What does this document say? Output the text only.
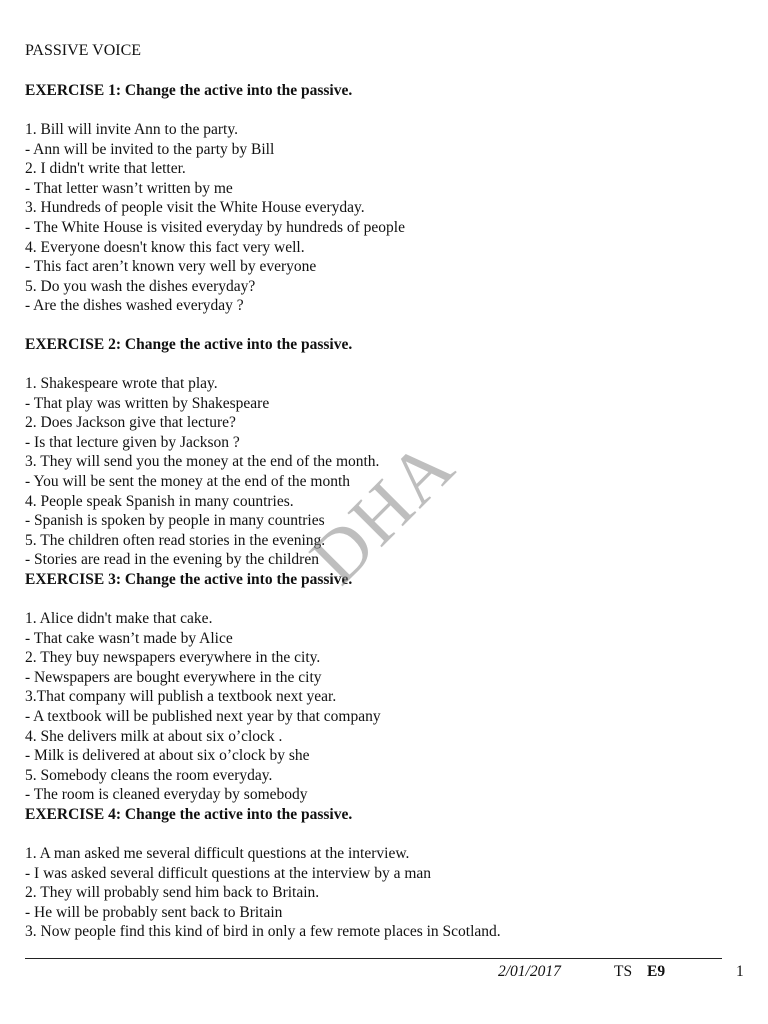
PASSIVE VOICE
EXERCISE 1: Change the active into the passive.
1. Bill will invite Ann to the party.
- Ann will be invited to the party by Bill
2. I didn't write that letter.
- That letter wasn’t written by me
3. Hundreds of people visit the White House everyday.
- The White House is visited everyday by hundreds of people
4. Everyone doesn't know this fact very well.
- This fact aren’t known very well by everyone
5. Do you wash the dishes everyday?
- Are the dishes washed everyday ?
EXERCISE 2: Change the active into the passive.
1. Shakespeare wrote that play.
- That play was written by Shakespeare
2. Does Jackson give that lecture?
- Is that lecture given by Jackson ?
3. They will send you the money at the end of the month.
- You will be sent the money at the end of the month
4. People speak Spanish in many countries.
- Spanish is spoken by people in many countries
5. The children often read stories in the evening.
- Stories are read in the evening by the children
EXERCISE 3: Change the active into the passive.
1. Alice didn't make that cake.
- That cake wasn’t made by Alice
2. They buy newspapers everywhere in the city.
- Newspapers are bought everywhere in the city
3.That company will publish a textbook next year.
- A textbook will be published next year by that company
4. She delivers milk at about six o’clock .
- Milk is delivered at about six o’clock by she
5. Somebody cleans the room everyday.
- The room is cleaned everyday by somebody
EXERCISE 4: Change the active into the passive.
1. A man asked me several difficult questions at the interview.
- I was asked several difficult questions at the interview by a man
2. They will probably send him back to Britain.
- He will be probably sent back to Britain
3. Now people find this kind of bird in only a few remote places in Scotland.
DHA
2/01/2017	TS E9	1
